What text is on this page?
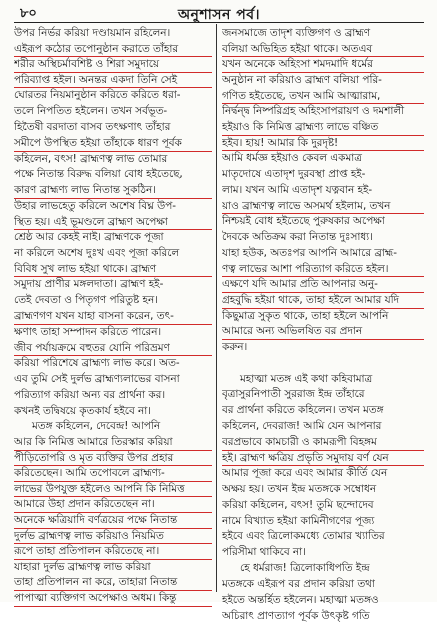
৮০	অনুশাসন পর্ব।
উপর নির্ভর করিয়া দণ্ডায়মান রহিলেন।
এইরূপ কঠোর তপোনুষ্ঠান করাতে তাঁহার
শরীর অস্থিচর্মাবশিষ্ট ও শিরা সমুদায়ে
পরিব্যাপ্ত হইল। অনন্তর একদা তিনি সেই
ঘোরতর নিয়মানুষ্ঠান করিতে করিতে ধরা-
তলে নিপতিত হইলেন। তখন সর্বভূত-
হিতৈষী বরদাতা বাসব তৎক্ষণাৎ তাঁহার
সমীপে উপস্থিত হইয়া তাঁহাকে ধারণ পূর্বক
কহিলেন, বৎস! ব্রাহ্মণত্ব লাভ তোমার
পক্ষে নিতান্ত বিরুদ্ধ বলিয়া বোধ হইতেছে,
কারণ ব্রাহ্মণ্য লাভ নিতান্ত সুকঠিন।
উহার লাভহেতু করিলে অশেষ বিঘ্ন উপ-
স্থিত হয়। এই ভূমণ্ডলে ব্রাহ্মণ অপেক্ষা
শ্রেষ্ঠ আর কেহই নাই। ব্রাহ্মণকে পূজা
না করিলে অশেষ দুঃখ এবং পূজা করিলে
বিবিধ সুখ লাভ হইয়া থাকে। ব্রাহ্মণ
সমুদায় প্রাণীর মঙ্গলদাতা। ব্রাহ্মণ হই-
তেই দেবতা ও পিতৃগণ পরিতুষ্ট হন।
ব্রাহ্মণগণ যখন যাহা বাসনা করেন, তৎ-
ক্ষণাৎ তাহা সম্পাদন করিতে পারেন।
জীব পর্যায়ক্রমে বহুতর যোনি পরিভ্রমণ
করিয়া পরিশেষে ব্রাহ্মণ্য লাভ করে। অত-
এব তুমি সেই দুর্লভ ব্রাহ্মণ্যলাভের বাসনা
পরিত্যাগ করিয়া অন্য বর প্রার্থনা কর।
কখনই তদ্বিষয়ে কৃতকার্য হইবে না।
মতঙ্গ কহিলেন, দেবেন্দ্র! আপনি
আর কি নিমিত্ত আমারে তিরস্কার করিয়া
পীড়িতোপরি ও মৃত ব্যক্তির উপর প্রহার
করিতেছেন। আমি তপোবলে ব্রাহ্মণ্য-
লাভের উপযুক্ত হইলেও আপনি কি নিমিত্ত
আমারে উহা প্রদান করিতেছেন না।
অনেকে ক্ষত্রিয়াদি বর্ণত্রয়ের পক্ষে নিতান্ত
দুর্লভ ব্রাহ্মণত্ব লাভ করিয়াও নিয়মিত
রূপে তাহা প্রতিপালন করিতেছে না।
যাহারা দুর্লভ ব্রাহ্মণত্ব লাভ করিয়া
তাহা প্রতিপালন না করে, তাহারা নিতান্ত
পাপাত্মা ব্যক্তিগণ অপেক্ষাও অধম। কিন্তু
জনসমাজে তাদৃশ ব্যক্তিগণ ও ব্রাহ্মণ
বলিয়া অভিহিত হইয়া থাকে। অতএব
যখন অনেকে অহিংসা শমদমাদি ধর্মের
অনুষ্ঠান না করিয়াও ব্রাহ্মণ বলিয়া পরি-
গণিত হইতেছে, তখন আমি আত্মারাম,
নির্দ্বন্দ্ব নিষ্পরিগ্রহ অহিংসাপরায়ণ ও দমশালী
হইয়াও কি নিমিত্ত ব্রাহ্মণ্য লাভে বঞ্চিত
হইব। হায়! আমার কি দুরদৃষ্ট!
আমি ধর্মজ্ঞ হইয়াও কেবল একমাত্র
মাতৃদোষে এতাদৃশ দুরবস্থা প্রাপ্ত হই-
লাম। যখন আমি এতাদৃশ যত্নবান হই-
য়াও ব্রাহ্মণত্ব লাভে অসমর্থ হইলাম, তখন
নিশ্চয়ই বোধ হইতেছে পুরুষকার অপেক্ষা
দৈবকে অতিক্রম করা নিতান্ত দুঃসাধ্য।
যাহা হউক, অতঃপর আপনি আমারে ব্রাহ্ম-
ণত্ব লাভের আশা পরিত্যাগ করিতে হইল।
এক্ষণে যদি আমার প্রতি আপনার অনু-
গ্রহবুদ্ধি হইয়া থাকে, তাহা হইলে আমার যদি
কিছুমাত্র সুকৃত থাকে, তাহা হইলে আপনি
আমারে অন্য অভিলষিত বর প্রদান
করুন।
মহাত্মা মতঙ্গ এই কথা কহিবামাত্র
বৃত্রাসুরনিপাতী সুররাজ ইন্দ্র তাঁহারে
বর প্রার্থনা করিতে কহিলেন। তখন মতঙ্গ
কহিলেন, দেবরাজ! আমি যেন আপনার
বরপ্রভাবে কামচারী ও কামরূপী বিহঙ্গম
হই। ব্রাহ্মণ ক্ষত্রিয় প্রভৃতি সমুদায় বর্ণ যেন
আমার পূজা করে এবং আমার কীর্তি যেন
অক্ষয় হয়। তখন ইন্দ্র মতঙ্গকে সম্বোধন
করিয়া কহিলেন, বৎস! তুমি ছন্দোদেব
নামে বিখ্যাত হইয়া কামিনীগণের পূজ্য
হইবে এবং ত্রিলোকমধ্যে তোমার খ্যাতির
পরিসীমা থাকিবে না।
হে ধর্মরাজ! ত্রিলোকাধিপতি ইন্দ্র
মতঙ্গকে এইরূপ বর প্রদান করিয়া তথা
হইতে অন্তর্হিত হইলেন। মহাত্মা মতঙ্গও
অচিরাৎ প্রাণত্যাগ পূর্বক উৎকৃষ্ট গতি
